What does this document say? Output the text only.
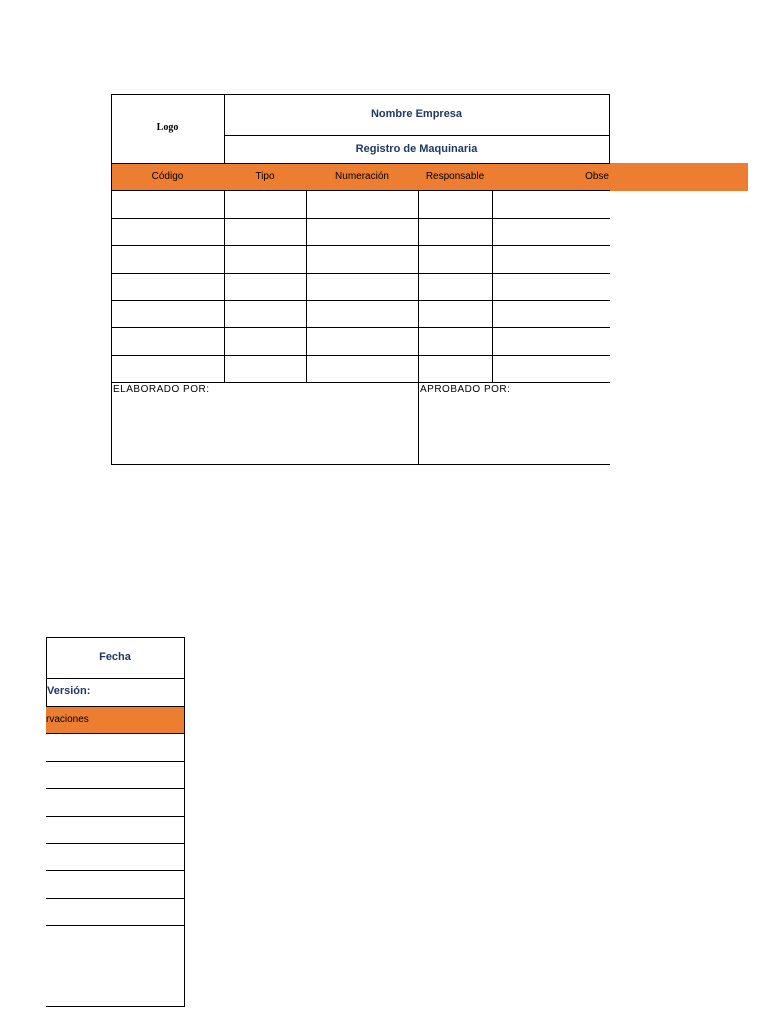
Logo
Nombre Empresa
Registro de Maquinaria
Código	Tipo	Numeración	Responsable	Obse
ELABORADO POR:	APROBADO POR:
Fecha
Versión:
rvaciones
